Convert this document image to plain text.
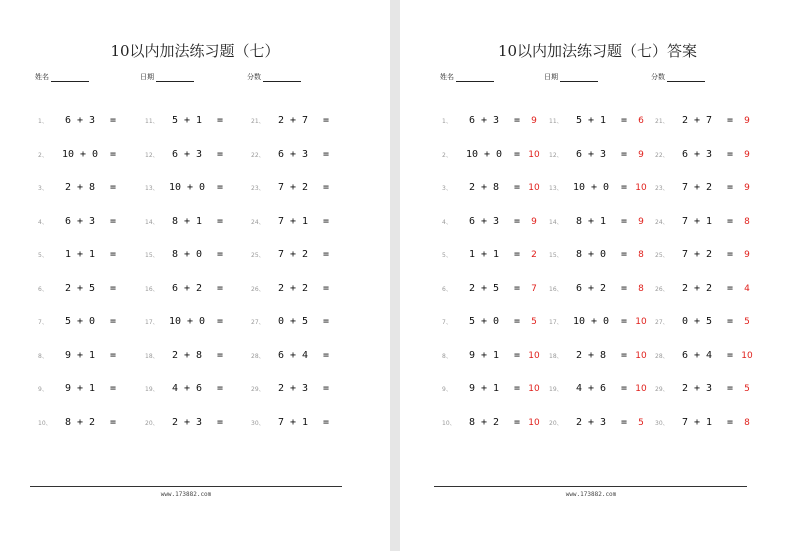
10以内加法练习题（七）
姓名	日期	分数
1、 6 + 3 =
2、 10 + 0 =
3、 2 + 8 =
4、 6 + 3 =
5、 1 + 1 =
6、 2 + 5 =
7、 5 + 0 =
8、 9 + 1 =
9、 9 + 1 =
10、 8 + 2 =
11、 5 + 1 =
12、 6 + 3 =
13、 10 + 0 =
14、 8 + 1 =
15、 8 + 0 =
16、 6 + 2 =
17、 10 + 0 =
18、 2 + 8 =
19、 4 + 6 =
20、 2 + 3 =
21、 2 + 7 =
22、 6 + 3 =
23、 7 + 2 =
24、 7 + 1 =
25、 7 + 2 =
26、 2 + 2 =
27、 0 + 5 =
28、 6 + 4 =
29、 2 + 3 =
30、 7 + 1 =
www.173882.com
10以内加法练习题（七）答案
姓名	日期	分数
1、 6 + 3 = 9
2、 10 + 0 = 10
3、 2 + 8 = 10
4、 6 + 3 = 9
5、 1 + 1 = 2
6、 2 + 5 = 7
7、 5 + 0 = 5
8、 9 + 1 = 10
9、 9 + 1 = 10
10、 8 + 2 = 10
11、 5 + 1 = 6
12、 6 + 3 = 9
13、 10 + 0 = 10
14、 8 + 1 = 9
15、 8 + 0 = 8
16、 6 + 2 = 8
17、 10 + 0 = 10
18、 2 + 8 = 10
19、 4 + 6 = 10
20、 2 + 3 = 5
21、 2 + 7 = 9
22、 6 + 3 = 9
23、 7 + 2 = 9
24、 7 + 1 = 8
25、 7 + 2 = 9
26、 2 + 2 = 4
27、 0 + 5 = 5
28、 6 + 4 = 10
29、 2 + 3 = 5
30、 7 + 1 = 8
www.173882.com
